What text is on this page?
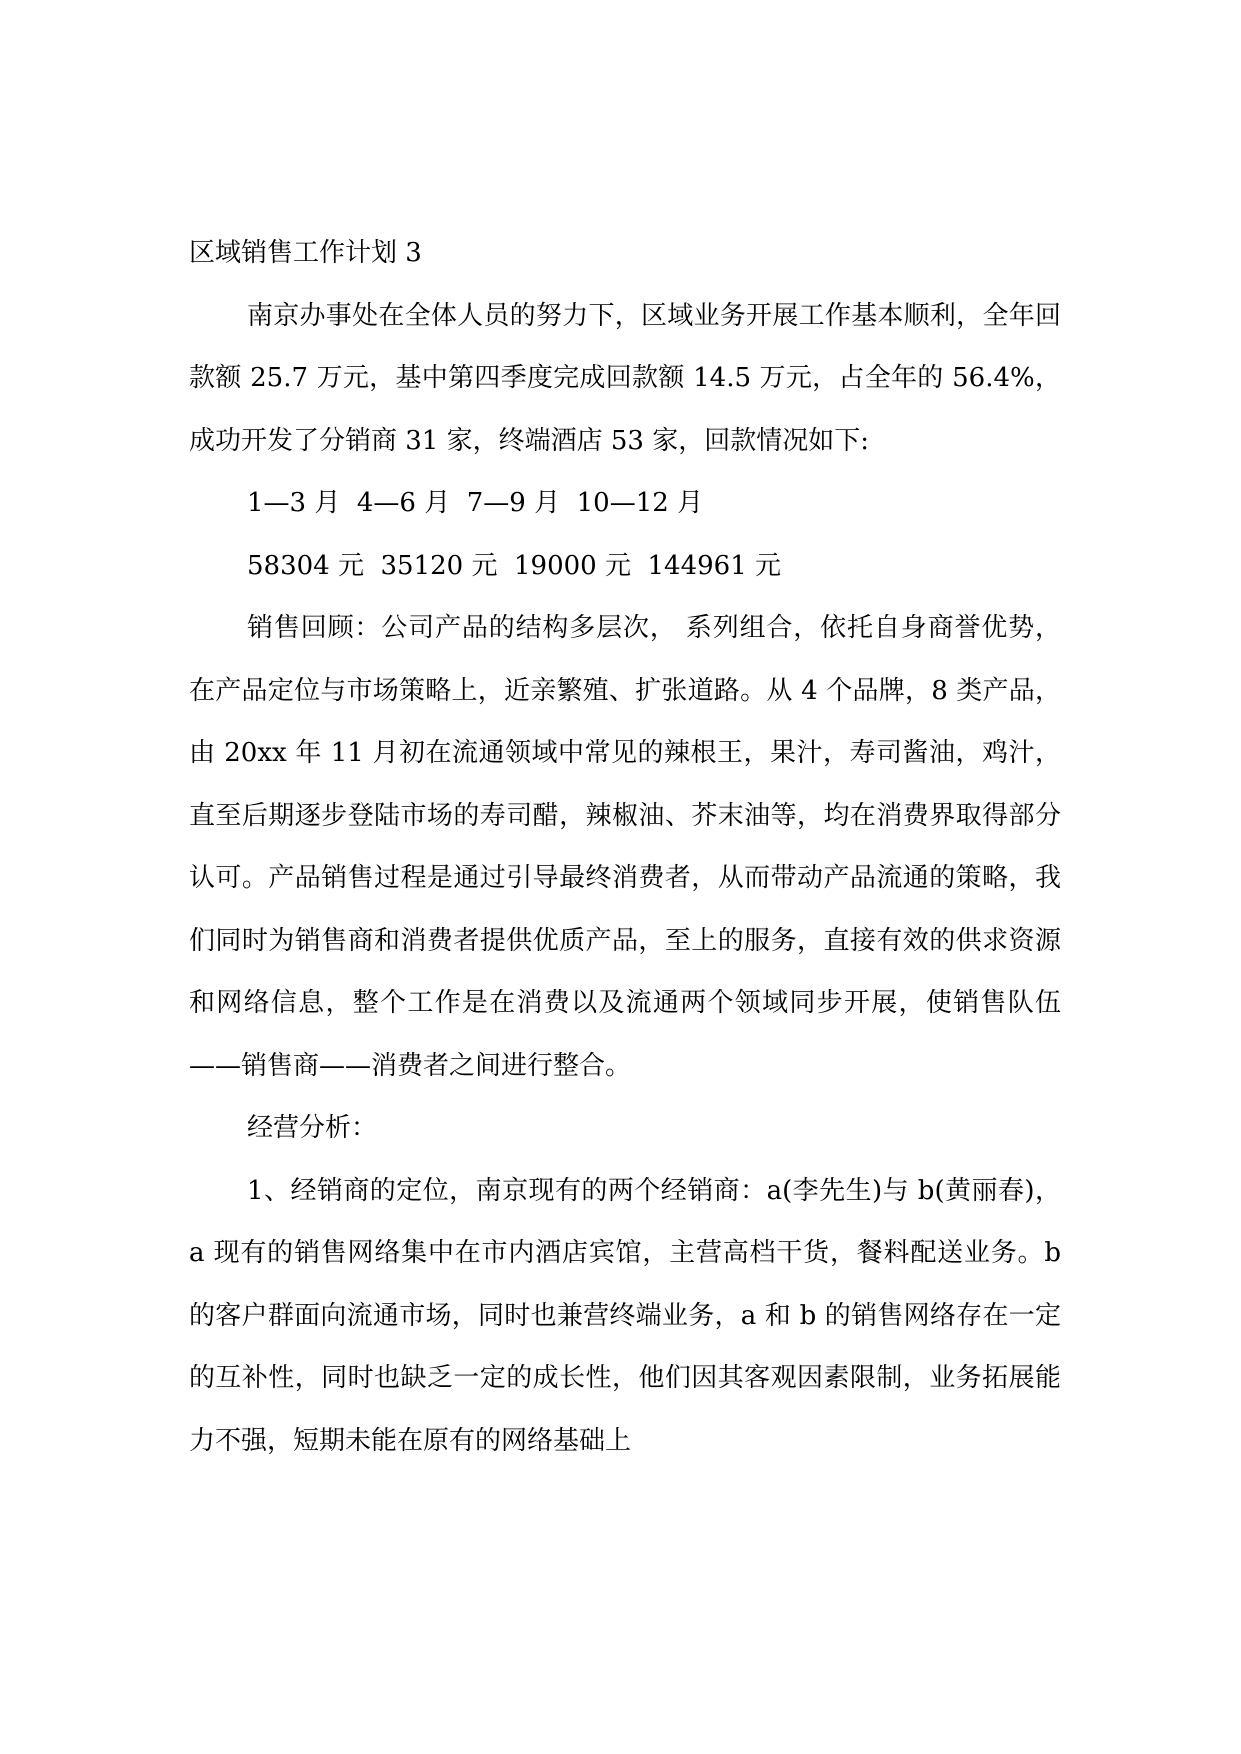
区域销售工作计划 3

南京办事处在全体人员的努力下，区域业务开展工作基本顺利，全年回款额 25.7 万元，基中第四季度完成回款额 14.5 万元，占全年的 56.4%，成功开发了分销商 31 家，终端酒店 53 家，回款情况如下:

1—3 月  4—6 月  7—9 月  10—12 月

58304 元  35120 元  19000 元  144961 元

销售回顾：公司产品的结构多层次， 系列组合，依托自身商誉优势， 在产品定位与市场策略上，近亲繁殖、扩张道路。从 4 个品牌，8 类产品，由 20xx 年 11 月初在流通领域中常见的辣根王，果汁，寿司酱油，鸡汁，直至后期逐步登陆市场的寿司醋，辣椒油、芥末油等，均在消费界取得部分认可。产品销售过程是通过引导最终消费者，从而带动产品流通的策略，我们同时为销售商和消费者提供优质产品，至上的服务，直接有效的供求资源和网络信息，整个工作是在消费以及流通两个领域同步开展，使销售队伍——销售商——消费者之间进行整合。

经营分析：

1、经销商的定位，南京现有的两个经销商：a(李先生)与 b(黄丽春)，a 现有的销售网络集中在市内酒店宾馆，主营高档干货，餐料配送业务。b 的客户群面向流通市场，同时也兼营终端业务，a 和 b 的销售网络存在一定的互补性，同时也缺乏一定的成长性，他们因其客观因素限制，业务拓展能力不强，短期未能在原有的网络基础上
